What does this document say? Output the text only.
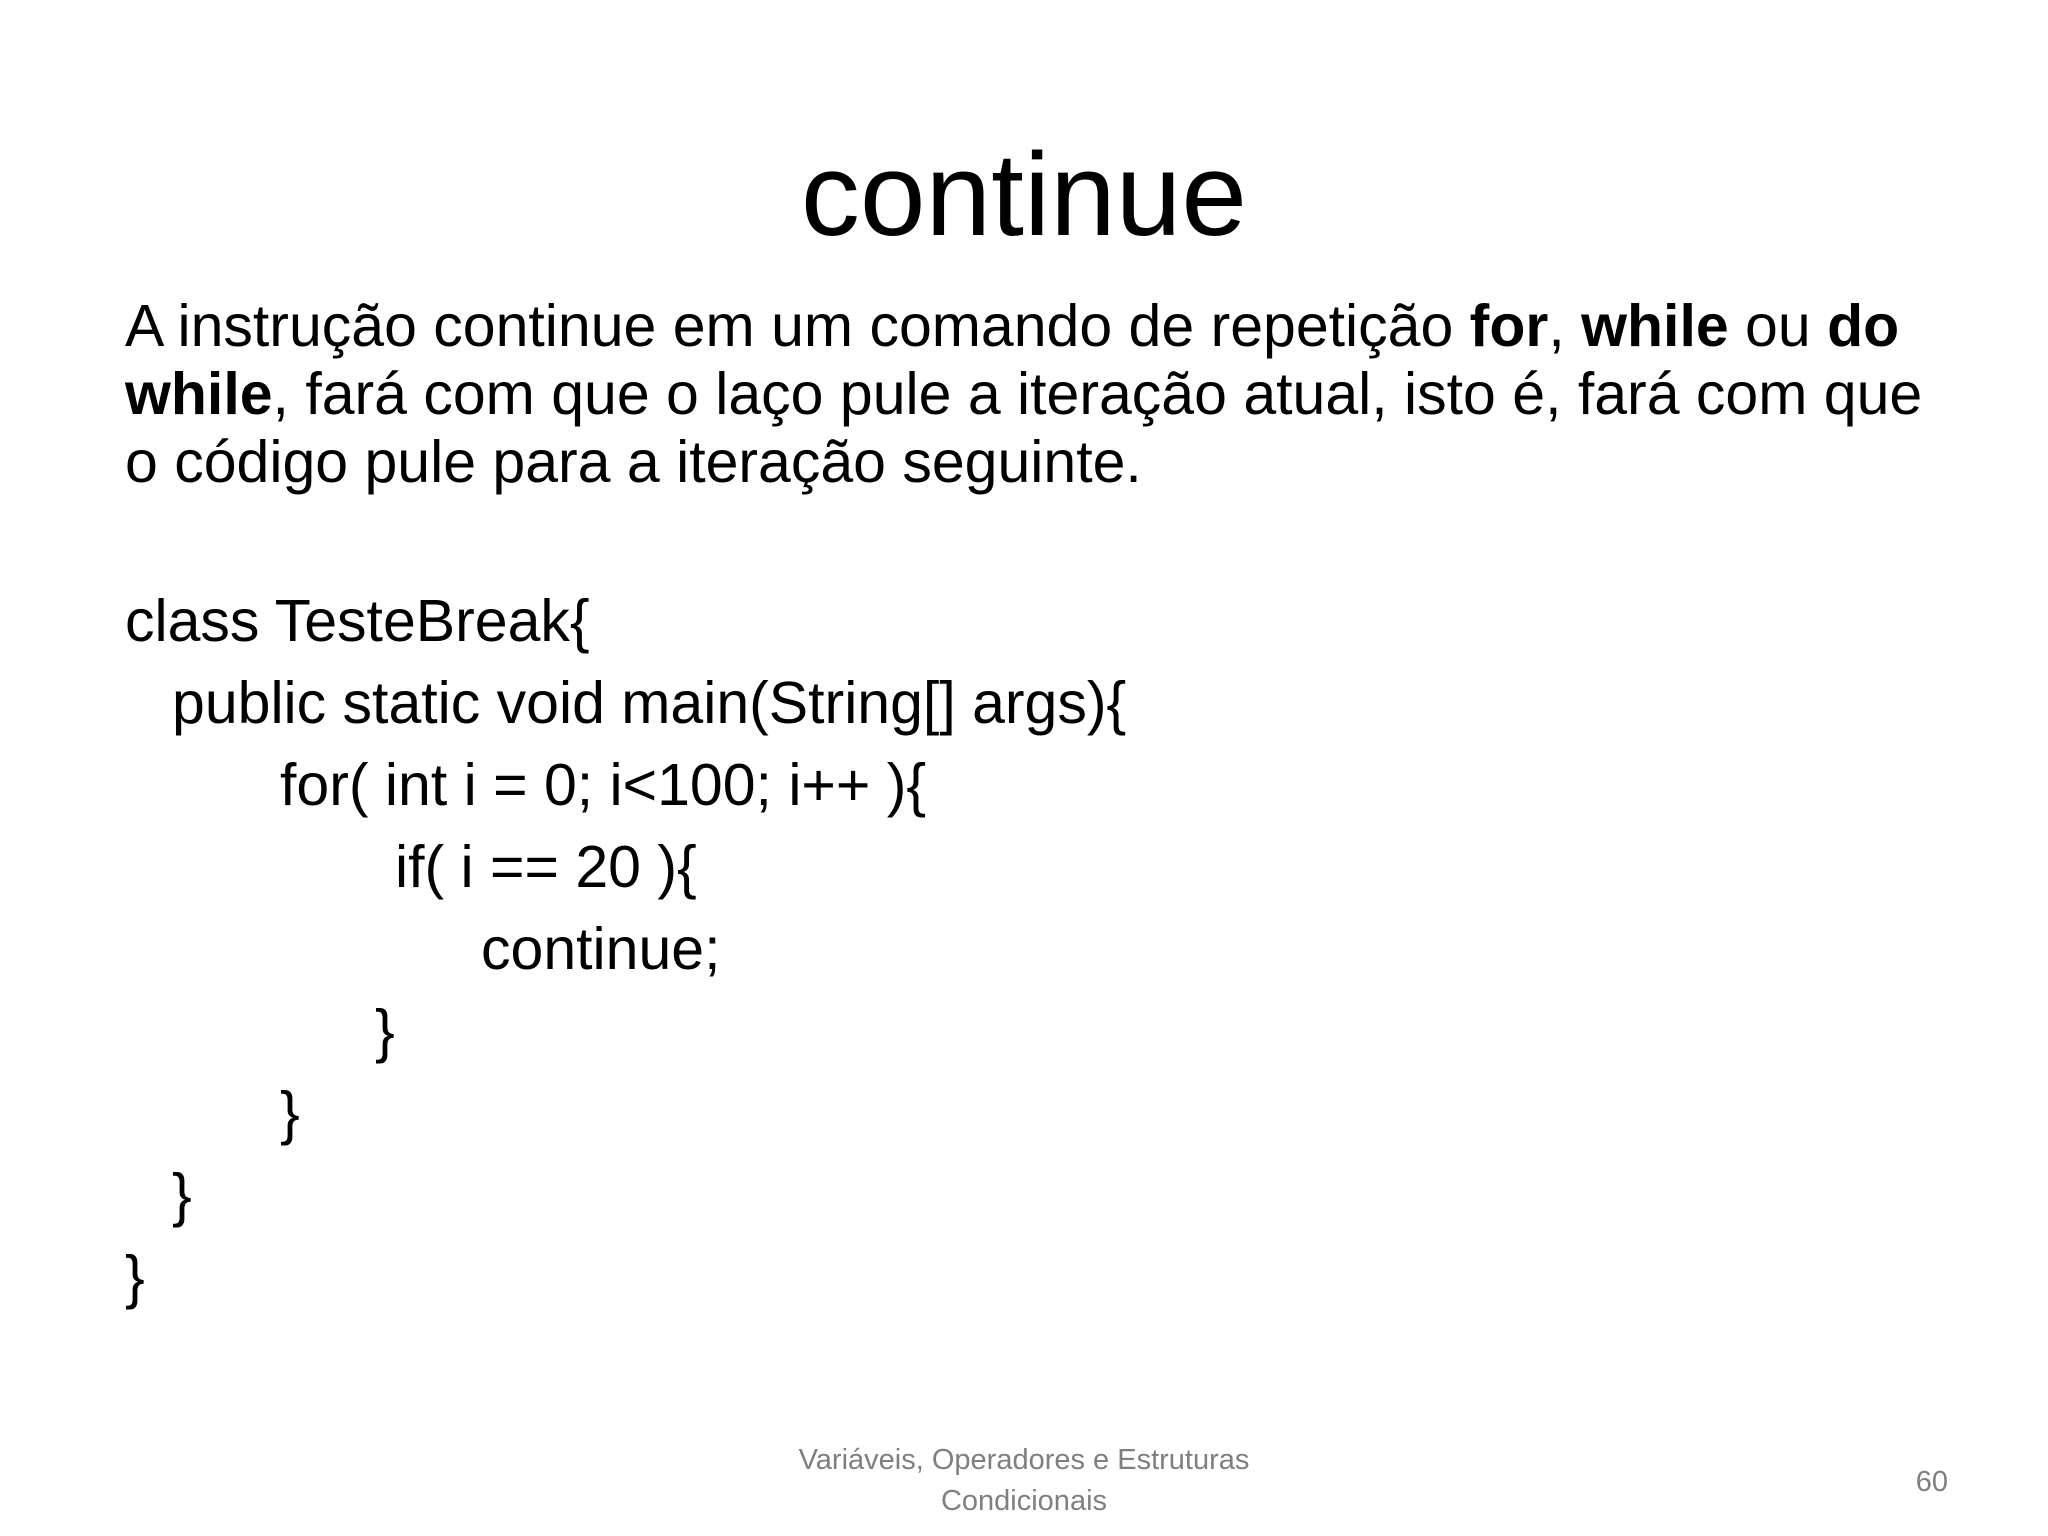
continue
A instrução continue em um comando de repetição for, while ou do while, fará com que o laço pule a iteração atual, isto é, fará com que o código pule para a iteração seguinte.
class TesteBreak{
public static void main(String[] args){
for( int i = 0; i<100; i++ ){
if( i == 20 ){
continue;
}
}
}
}
Variáveis, Operadores e Estruturas
Condicionais
60
